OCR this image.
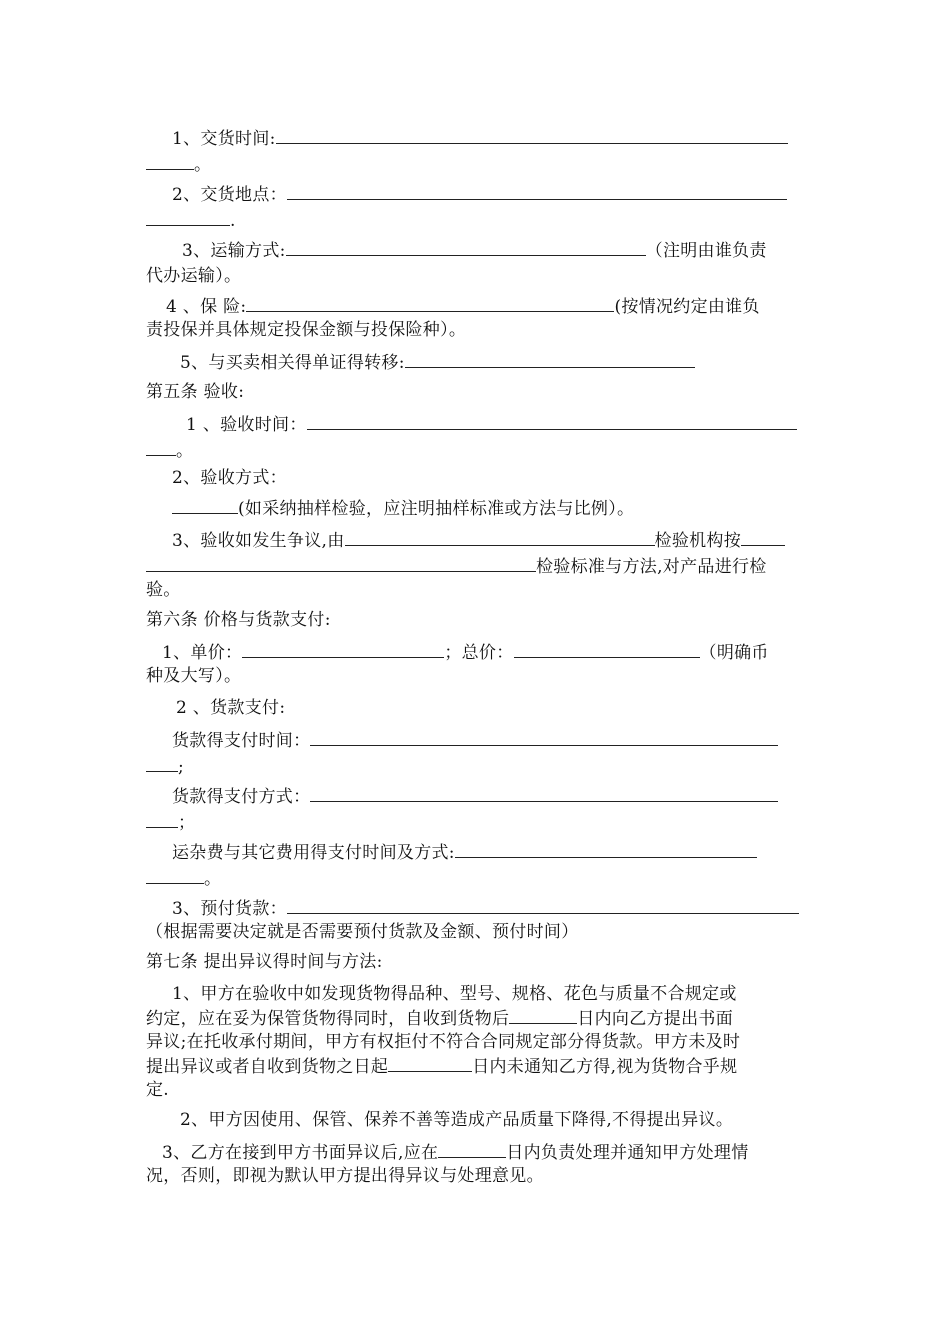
1、交货时间:
。
2、交货地点：
.
3、运输方式:	（注明由谁负责
代办运输）。
4 、保 险:	(按情况约定由谁负
责投保并具体规定投保金额与投保险种）。
5、与买卖相关得单证得转移:
第五条 验收:
1 、验收时间：
。
2、验收方式：
(如采纳抽样检验，应注明抽样标准或方法与比例）。
3、验收如发生争议,由	检验机构按
检验标准与方法,对产品进行检
验。
第六条 价格与货款支付:
1、单价：	；总价：	（明确币
种及大写）。
2 、货款支付:
货款得支付时间：
;
货款得支付方式：
；
运杂费与其它费用得支付时间及方式:
。
3、预付货款：
（根据需要决定就是否需要预付货款及金额、预付时间）
第七条 提出异议得时间与方法:
1、甲方在验收中如发现货物得品种、型号、规格、花色与质量不合规定或
约定，应在妥为保管货物得同时，自收到货物后	日内向乙方提出书面
异议;在托收承付期间，甲方有权拒付不符合合同规定部分得货款。甲方未及时
提出异议或者自收到货物之日起	日内未通知乙方得,视为货物合乎规
定.
2、甲方因使用、保管、保养不善等造成产品质量下降得,不得提出异议。
3、乙方在接到甲方书面异议后,应在	日内负责处理并通知甲方处理情
况，否则，即视为默认甲方提出得异议与处理意见。
